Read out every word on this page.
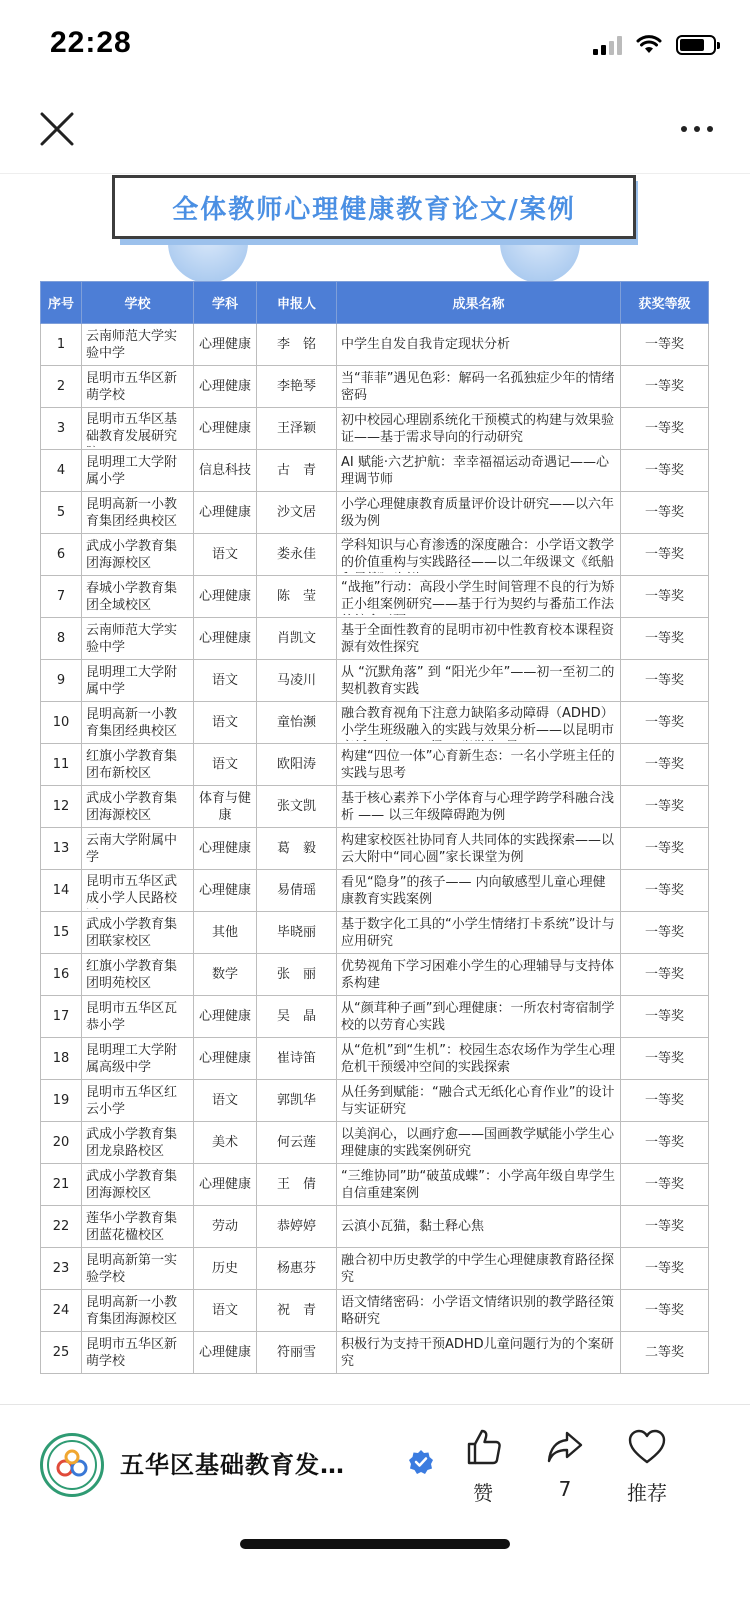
22:28
全体教师心理健康教育论文/案例
序号	学校	学科	申报人	成果名称	获奖等级
1	云南师范大学实验中学	心理健康	李　铭	中学生自发自我肯定现状分析	一等奖
2	昆明市五华区新萌学校	心理健康	李艳琴	当“菲菲”遇见色彩：解码一名孤独症少年的情绪密码	一等奖
3	昆明市五华区基础教育发展研究	心理健康	王泽颖	初中校园心理剧系统化干预模式的构建与效果验证——基于需求导向的行动研究	一等奖
4	昆明理工大学附属小学	信息科技	古　青	AI 赋能·六艺护航：幸幸福福运动奇遇记——心理调节师	一等奖
5	昆明高新一小教育集团经典校区	心理健康	沙文居	小学心理健康教育质量评价设计研究——以六年级为例	一等奖
6	武成小学教育集团海源校区	语文	娄永佳	学科知识与心育渗透的深度融合：小学语文教学的价值重构与实践路径——以二年级课文《纸船	一等奖
7	春城小学教育集团全域校区	心理健康	陈　莹	“战拖”行动：高段小学生时间管理不良的行为矫正小组案例研究——基于行为契约与番茄工作法	一等奖
8	云南师范大学实验中学	心理健康	肖凯文	基于全面性教育的昆明市初中性教育校本课程资源有效性探究	一等奖
9	昆明理工大学附属中学	语文	马凌川	从 “沉默角落” 到 “阳光少年”——初一至初二的契机教育实践	一等奖
10	昆明高新一小教育集团经典校区	语文	童怡濒	融合教育视角下注意力缺陷多动障碍（ADHD）小学生班级融入的实践与效果分析——以昆明市	一等奖
11	红旗小学教育集团布新校区	语文	欧阳涛	构建“四位一体”心育新生态：一名小学班主任的实践与思考	一等奖
12	武成小学教育集团海源校区	体育与健康	张文凯	基于核心素养下小学体育与心理学跨学科融合浅析 —— 以三年级障碍跑为例	一等奖
13	云南大学附属中学	心理健康	葛　毅	构建家校医社协同育人共同体的实践探索——以云大附中“同心圆”家长课堂为例	一等奖
14	昆明市五华区武成小学人民路校	心理健康	易倩瑶	看见“隐身”的孩子—— 内向敏感型儿童心理健康教育实践案例	一等奖
15	武成小学教育集团联家校区	其他	毕晓丽	基于数字化工具的“小学生情绪打卡系统”设计与应用研究	一等奖
16	红旗小学教育集团明苑校区	数学	张　丽	优势视角下学习困难小学生的心理辅导与支持体系构建	一等奖
17	昆明市五华区瓦恭小学	心理健康	吴　晶	从“颜茸种子画”到心理健康：一所农村寄宿制学校的以劳育心实践	一等奖
18	昆明理工大学附属高级中学	心理健康	崔诗笛	从“危机”到“生机”：校园生态农场作为学生心理危机干预缓冲空间的实践探索	一等奖
19	昆明市五华区红云小学	语文	郭凯华	从任务到赋能：“融合式无纸化心育作业”的设计与实证研究	一等奖
20	武成小学教育集团龙泉路校区	美术	何云莲	以美润心，以画疗愈——国画教学赋能小学生心理健康的实践案例研究	一等奖
21	武成小学教育集团海源校区	心理健康	王　倩	“三维协同”助“破茧成蝶”：小学高年级自卑学生自信重建案例	一等奖
22	莲华小学教育集团蓝花楹校区	劳动	恭婷婷	云滇小瓦猫，黏土释心焦	一等奖
23	昆明高新第一实验学校	历史	杨惠芬	融合初中历史教学的中学生心理健康教育路径探究	一等奖
24	昆明高新一小教育集团海源校区	语文	祝　青	语文情绪密码：小学语文情绪识别的教学路径策略研究	一等奖
25	昆明市五华区新萌学校	心理健康	符丽雪	积极行为支持干预ADHD儿童问题行为的个案研究	二等奖
五华区基础教育发…
赞	7	推荐
